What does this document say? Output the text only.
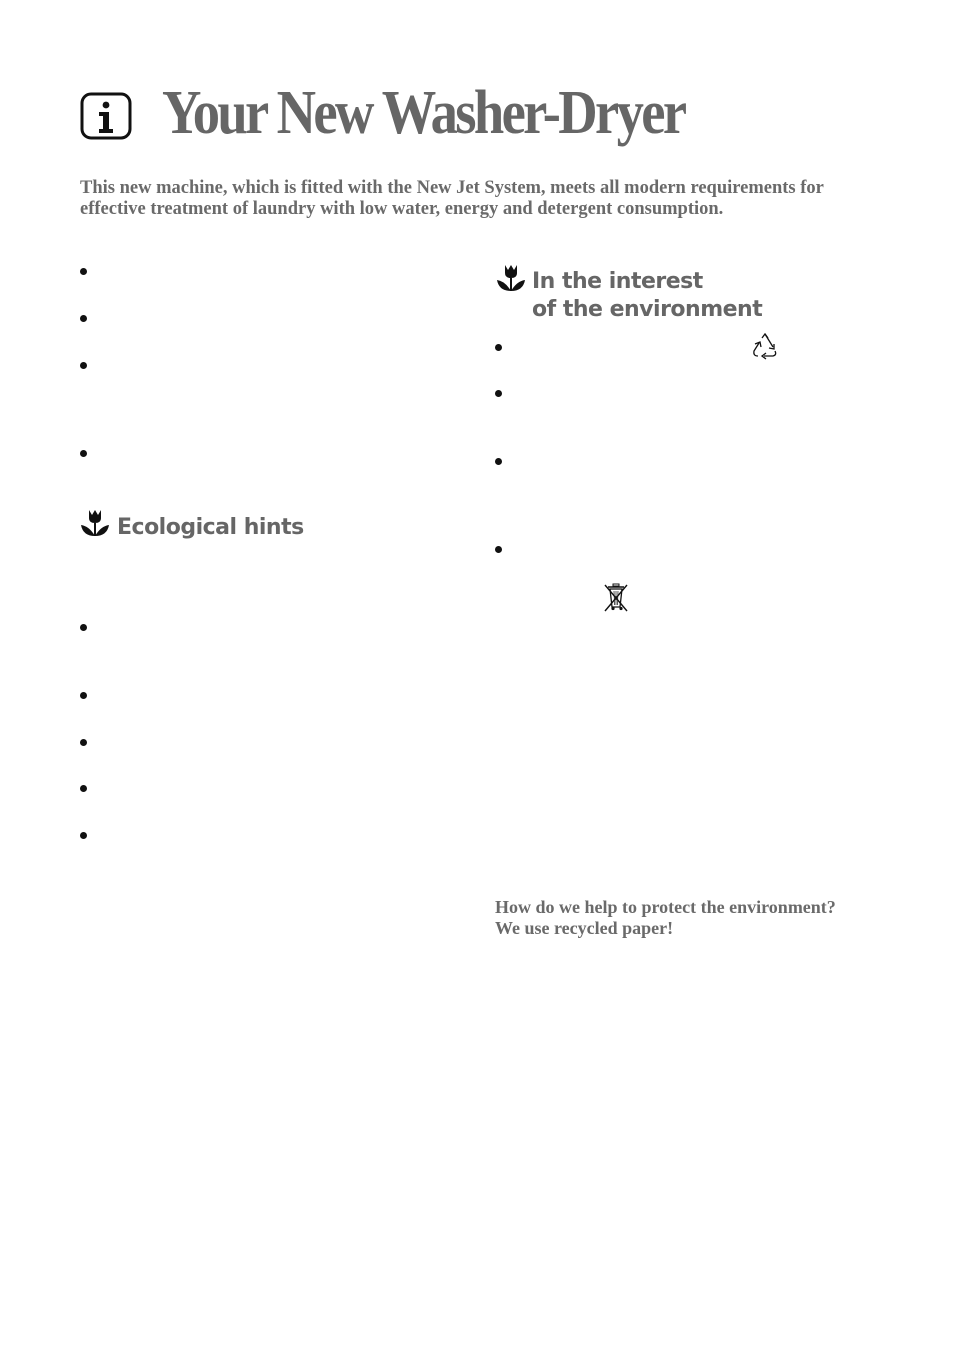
Your New Washer-Dryer

This new machine, which is fitted with the New Jet System, meets all modern requirements for effective treatment of laundry with low water, energy and detergent consumption.

Ecological hints
In the interest
of the environment

How do we help to protect the environment?
We use recycled paper!
